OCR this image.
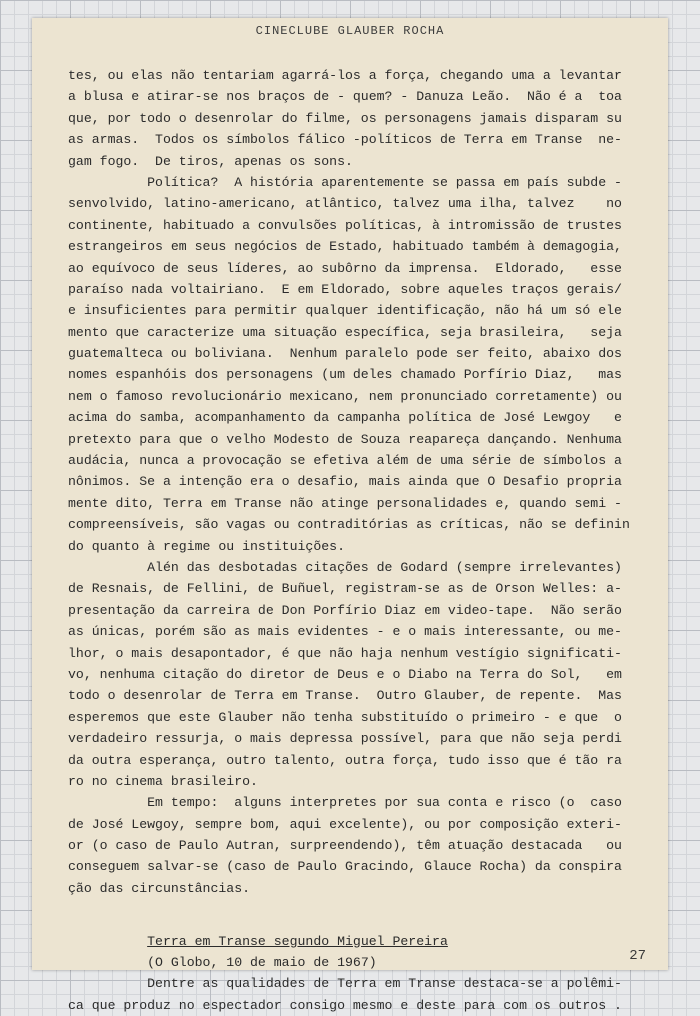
CINECLUBE GLAUBER ROCHA
tes, ou elas não tentariam agarrá-los a força, chegando uma a levantar
a blusa e atirar-se nos braços de - quem? - Danuza Leão.  Não é a  toa
que, por todo o desenrolar do filme, os personagens jamais disparam su
as armas.  Todos os símbolos fálico -políticos de Terra em Transe  ne-
gam fogo.  De tiros, apenas os sons.
Política?  A história aparentemente se passa em país subde -
senvolvido, latino-americano, atlântico, talvez uma ilha, talvez    no
continente, habituado a convulsões políticas, à intromissão de trustes
estrangeiros em seus negócios de Estado, habituado também à demagogia,
ao equívoco de seus líderes, ao subôrno da imprensa.  Eldorado,   esse
paraíso nada voltairiano.  E em Eldorado, sobre aqueles traços gerais/
e insuficientes para permitir qualquer identificação, não há um só ele
mento que caracterize uma situação específica, seja brasileira,   seja
guatemalteca ou boliviana.  Nenhum paralelo pode ser feito, abaixo dos
nomes espanhóis dos personagens (um deles chamado Porfírio Diaz,   mas
nem o famoso revolucionário mexicano, nem pronunciado corretamente) ou
acima do samba, acompanhamento da campanha política de José Lewgoy   e
pretexto para que o velho Modesto de Souza reapareça dançando. Nenhuma
audácia, nunca a provocação se efetiva além de uma série de símbolos a
nônimos. Se a intenção era o desafio, mais ainda que O Desafio propria
mente dito, Terra em Transe não atinge personalidades e, quando semi -
compreensíveis, são vagas ou contraditórias as críticas, não se definin
do quanto à regime ou instituições.
Alén das desbotadas citações de Godard (sempre irrelevantes)
de Resnais, de Fellini, de Buñuel, registram-se as de Orson Welles: a-
presentação da carreira de Don Porfírio Diaz em video-tape.  Não serão
as únicas, porém são as mais evidentes - e o mais interessante, ou me-
lhor, o mais desapontador, é que não haja nenhum vestígio significati-
vo, nenhuma citação do diretor de Deus e o Diabo na Terra do Sol,   em
todo o desenrolar de Terra em Transe.  Outro Glauber, de repente.  Mas
esperemos que este Glauber não tenha substituído o primeiro - e que  o
verdadeiro ressurja, o mais depressa possível, para que não seja perdi
da outra esperança, outro talento, outra força, tudo isso que é tão ra
ro no cinema brasileiro.
Em tempo:  alguns interpretes por sua conta e risco (o  caso
de José Lewgoy, sempre bom, aqui excelente), ou por composição exteri-
or (o caso de Paulo Autran, surpreendendo), têm atuação destacada   ou
conseguem salvar-se (caso de Paulo Gracindo, Glauce Rocha) da conspira
ção das circunstâncias.
Terra em Transe segundo Miguel Pereira
(O Globo, 10 de maio de 1967)
Dentre as qualidades de Terra em Transe destaca-se a polêmi-
ca que produz no espectador consigo mesmo e deste para com os outros .
27
